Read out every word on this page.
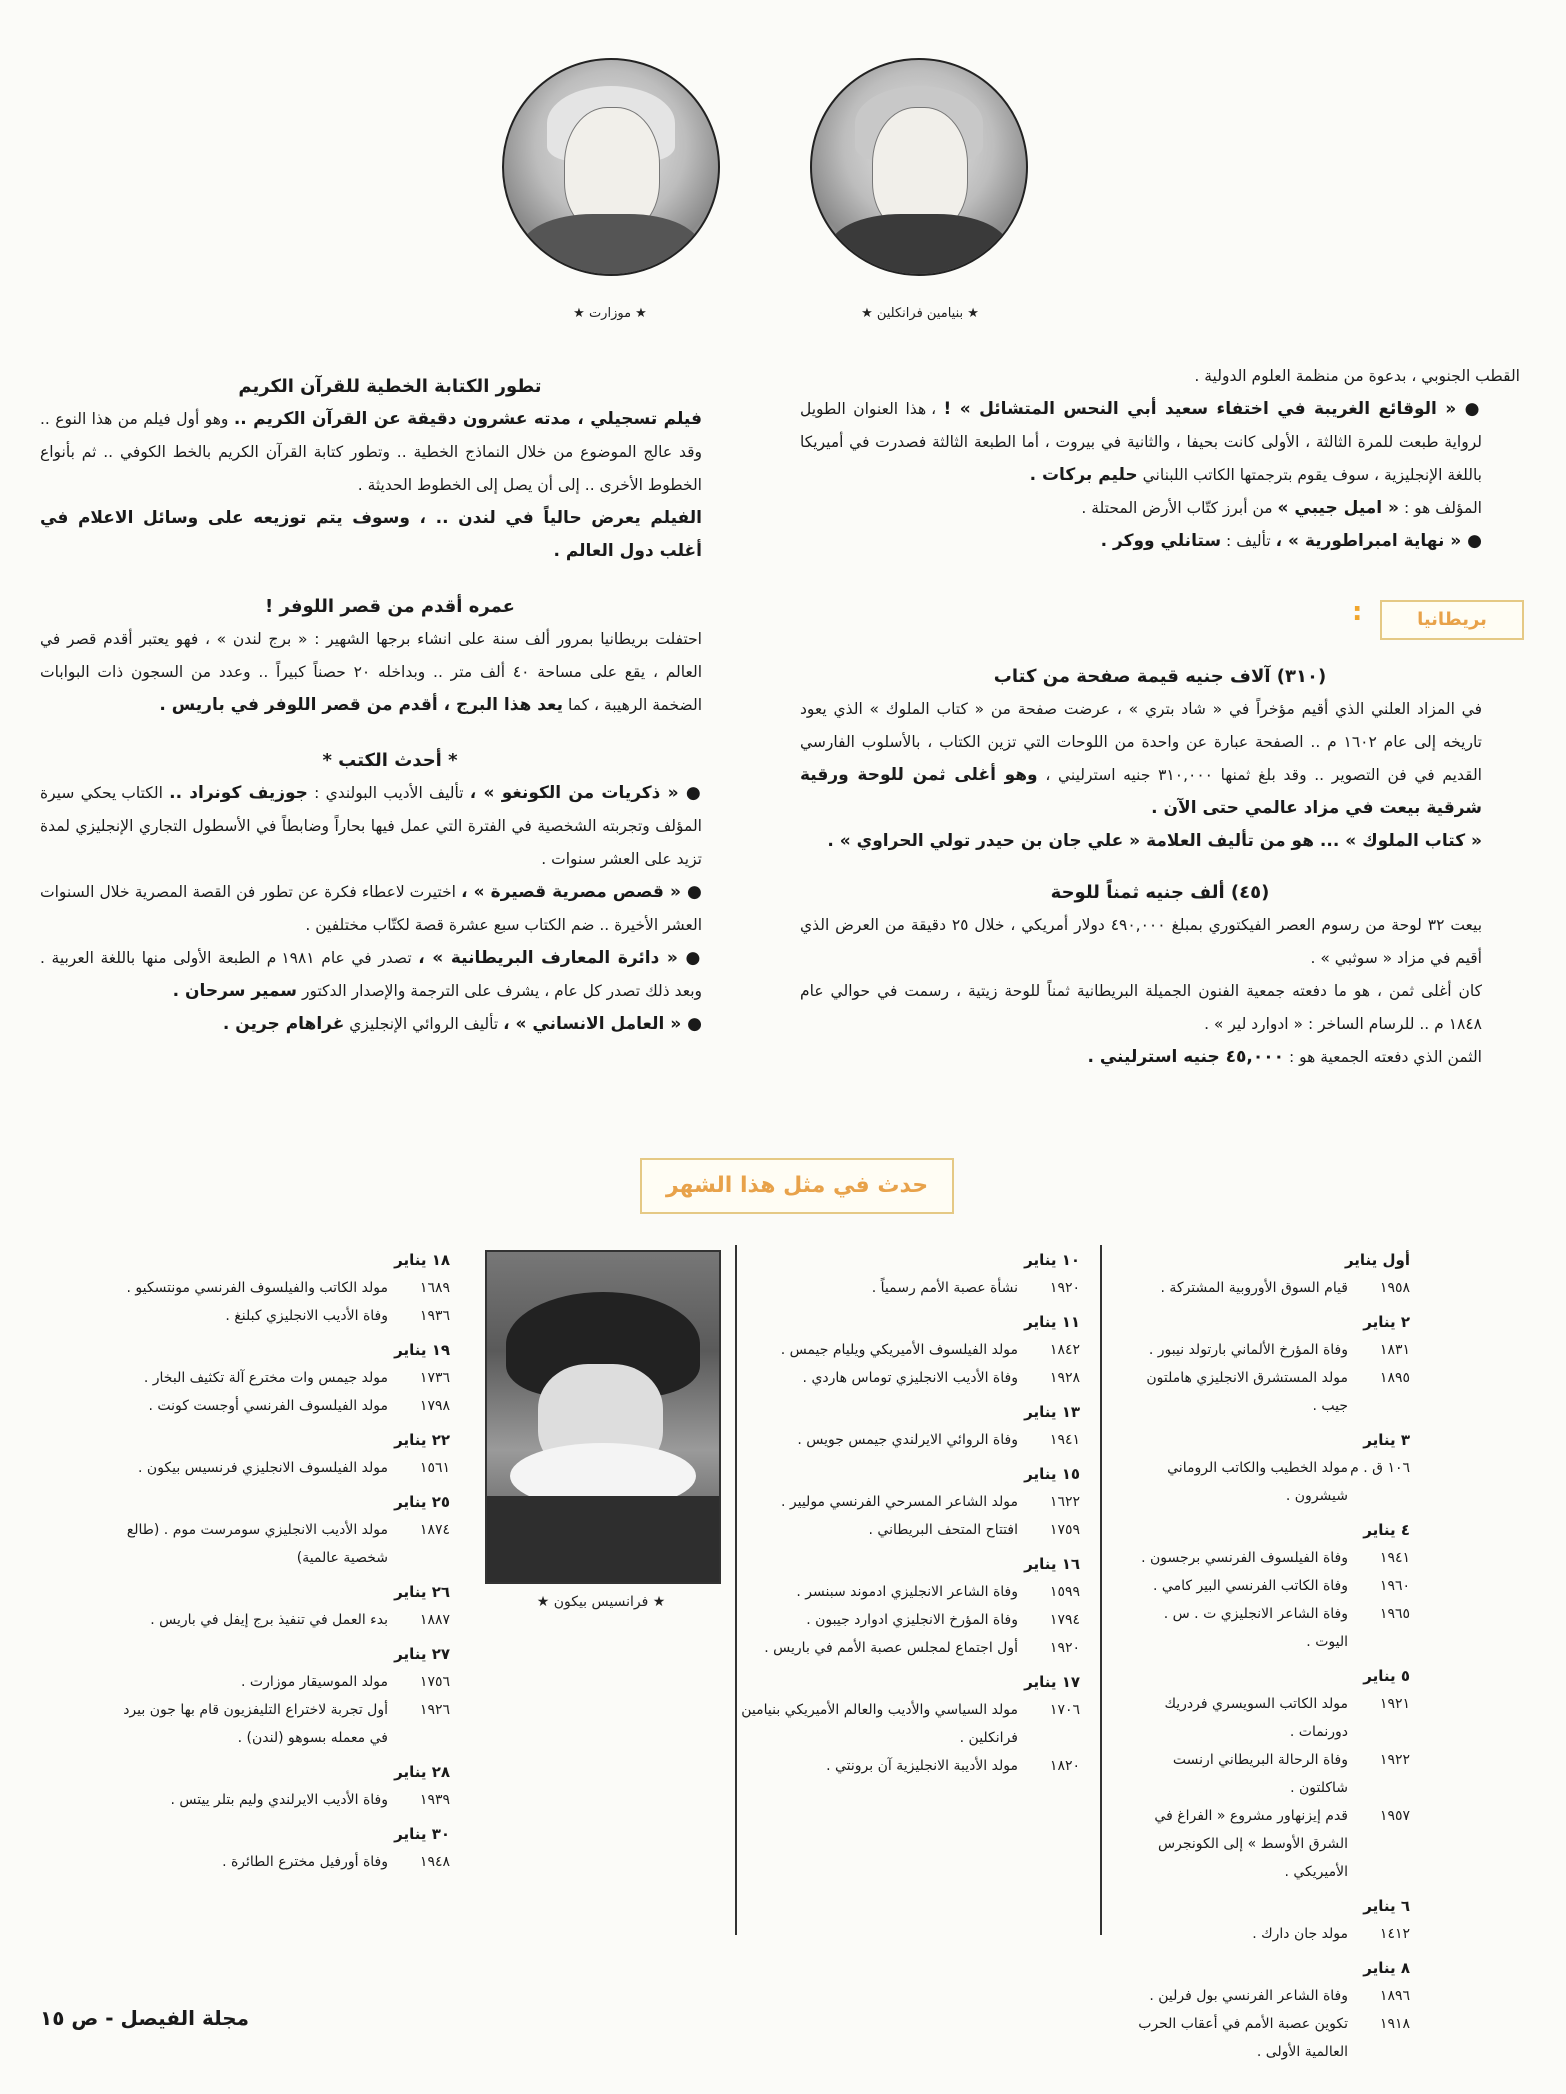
★ بنيامين فرانكلين ★
★ موزارت ★

القطب الجنوبي ، بدعوة من منظمة العلوم الدولية .

● « الوقائع الغريبة في اختفاء سعيد أبي النحس المتشائل » ! ، هذا العنوان الطويل لرواية طبعت للمرة الثالثة ، الأولى كانت بحيفا ، والثانية في بيروت ، أما الطبعة الثالثة فصدرت في أميريكا باللغة الإنجليزية ، سوف يقوم بترجمتها الكاتب اللبناني حليم بركات .

المؤلف هو : « اميل جيبي » من أبرز كتّاب الأرض المحتلة .

● « نهاية امبراطورية » ، تأليف : ستانلي ووكر .

بريطانيا
:

(٣١٠) آلاف جنيه قيمة صفحة من كتاب

في المزاد العلني الذي أقيم مؤخراً في « شاد بتري » ، عرضت صفحة من « كتاب الملوك » الذي يعود تاريخه إلى عام ١٦٠٢ م .. الصفحة عبارة عن واحدة من اللوحات التي تزين الكتاب ، بالأسلوب الفارسي القديم في فن التصوير .. وقد بلغ ثمنها ٣١٠,٠٠٠ جنيه استرليني ، وهو أغلى ثمن للوحة ورقية شرقية بيعت في مزاد عالمي حتى الآن .

« كتاب الملوك » ... هو من تأليف العلامة « علي جان بن حيدر تولي الحراوي » .

(٤٥) ألف جنيه ثمناً للوحة

بيعت ٣٢ لوحة من رسوم العصر الفيكتوري بمبلغ ٤٩٠,٠٠٠ دولار أمريكي ، خلال ٢٥ دقيقة من العرض الذي أقيم في مزاد « سوثبي » .

كان أغلى ثمن ، هو ما دفعته جمعية الفنون الجميلة البريطانية ثمناً للوحة زيتية ، رسمت في حوالي عام ١٨٤٨ م .. للرسام الساخر : « ادوارد لير » .

الثمن الذي دفعته الجمعية هو : ٤٥,٠٠٠ جنيه استرليني .

تطور الكتابة الخطية للقرآن الكريم

فيلم تسجيلي ، مدته عشرون دقيقة عن القرآن الكريم .. وهو أول فيلم من هذا النوع .. وقد عالج الموضوع من خلال النماذج الخطية .. وتطور كتابة القرآن الكريم بالخط الكوفي .. ثم بأنواع الخطوط الأخرى .. إلى أن يصل إلى الخطوط الحديثة .

الفيلم يعرض حالياً في لندن .. ، وسوف يتم توزيعه على وسائل الاعلام في أغلب دول العالم .

عمره أقدم من قصر اللوفر !

احتفلت بريطانيا بمرور ألف سنة على انشاء برجها الشهير : « برج لندن » ، فهو يعتبر أقدم قصر في العالم ، يقع على مساحة ٤٠ ألف متر .. وبداخله ٢٠ حصناً كبيراً .. وعدد من السجون ذات البوابات الضخمة الرهيبة ، كما يعد هذا البرج ، أقدم من قصر اللوفر في باريس .

* أحدث الكتب *

● « ذكريات من الكونغو » ، تأليف الأديب البولندي : جوزيف كونراد .. الكتاب يحكي سيرة المؤلف وتجربته الشخصية في الفترة التي عمل فيها بحاراً وضابطاً في الأسطول التجاري الإنجليزي لمدة تزيد على العشر سنوات .

● « قصص مصرية قصيرة » ، اختيرت لاعطاء فكرة عن تطور فن القصة المصرية خلال السنوات العشر الأخيرة .. ضم الكتاب سبع عشرة قصة لكتّاب مختلفين .

● « دائرة المعارف البريطانية » ، تصدر في عام ١٩٨١ م الطبعة الأولى منها باللغة العربية . وبعد ذلك تصدر كل عام ، يشرف على الترجمة والإصدار الدكتور سمير سرحان .

● « العامل الانساني » ، تأليف الروائي الإنجليزي غراهام جرين .

حدث في مثل هذا الشهر
أول يناير
١٩٥٨
قيام السوق الأوروبية المشتركة .
٢ يناير
١٨٣١
وفاة المؤرخ الألماني بارتولد نيبور .
١٨٩٥
مولد المستشرق الانجليزي هاملتون جيب .
٣ يناير
١٠٦ ق . م
مولد الخطيب والكاتب الروماني شيشرون .
٤ يناير
١٩٤١
وفاة الفيلسوف الفرنسي برجسون .
١٩٦٠
وفاة الكاتب الفرنسي البير كامي .
١٩٦٥
وفاة الشاعر الانجليزي ت . س . اليوت .
٥ يناير
١٩٢١
مولد الكاتب السويسري فردريك دورنمات .
١٩٢٢
وفاة الرحالة البريطاني ارنست شاكلتون .
١٩٥٧
قدم إيزنهاور مشروع « الفراغ في الشرق الأوسط » إلى الكونجرس الأميريكي .
٦ يناير
١٤١٢
مولد جان دارك .
٨ يناير
١٨٩٦
وفاة الشاعر الفرنسي بول فرلين .
١٩١٨
تكوين عصبة الأمم في أعقاب الحرب العالمية الأولى .
١٠ يناير
١٩٢٠
نشأة عصبة الأمم رسمياً .
١١ يناير
١٨٤٢
مولد الفيلسوف الأميريكي ويليام جيمس .
١٩٢٨
وفاة الأديب الانجليزي توماس هاردي .
١٣ يناير
١٩٤١
وفاة الروائي الايرلندي جيمس جويس .
١٥ يناير
١٦٢٢
مولد الشاعر المسرحي الفرنسي موليير .
١٧٥٩
افتتاح المتحف البريطاني .
١٦ يناير
١٥٩٩
وفاة الشاعر الانجليزي ادموند سبنسر .
١٧٩٤
وفاة المؤرخ الانجليزي ادوارد جيبون .
١٩٢٠
أول اجتماع لمجلس عصبة الأمم في باريس .
١٧ يناير
١٧٠٦
مولد السياسي والأديب والعالم الأميريكي بنيامين فرانكلين .
١٨٢٠
مولد الأديبة الانجليزية آن برونتي .
★ فرانسيس بيكون ★
١٨ يناير
١٦٨٩
مولد الكاتب والفيلسوف الفرنسي مونتسكيو .
١٩٣٦
وفاة الأديب الانجليزي كبلنغ .
١٩ يناير
١٧٣٦
مولد جيمس وات مخترع آلة تكثيف البخار .
١٧٩٨
مولد الفيلسوف الفرنسي أوجست كونت .
٢٢ يناير
١٥٦١
مولد الفيلسوف الانجليزي فرنسيس بيكون .
٢٥ يناير
١٨٧٤
مولد الأديب الانجليزي سومرست موم . (طالع شخصية عالمية)
٢٦ يناير
١٨٨٧
بدء العمل في تنفيذ برج إيفل في باريس .
٢٧ يناير
١٧٥٦
مولد الموسيقار موزارت .
١٩٢٦
أول تجربة لاختراع التليفزيون قام بها جون بيرد في معمله بسوهو (لندن) .
٢٨ يناير
١٩٣٩
وفاة الأديب الايرلندي وليم بتلر ييتس .
٣٠ يناير
١٩٤٨
وفاة أورفيل مخترع الطائرة .
مجلة الفيصل - ص ١٥
